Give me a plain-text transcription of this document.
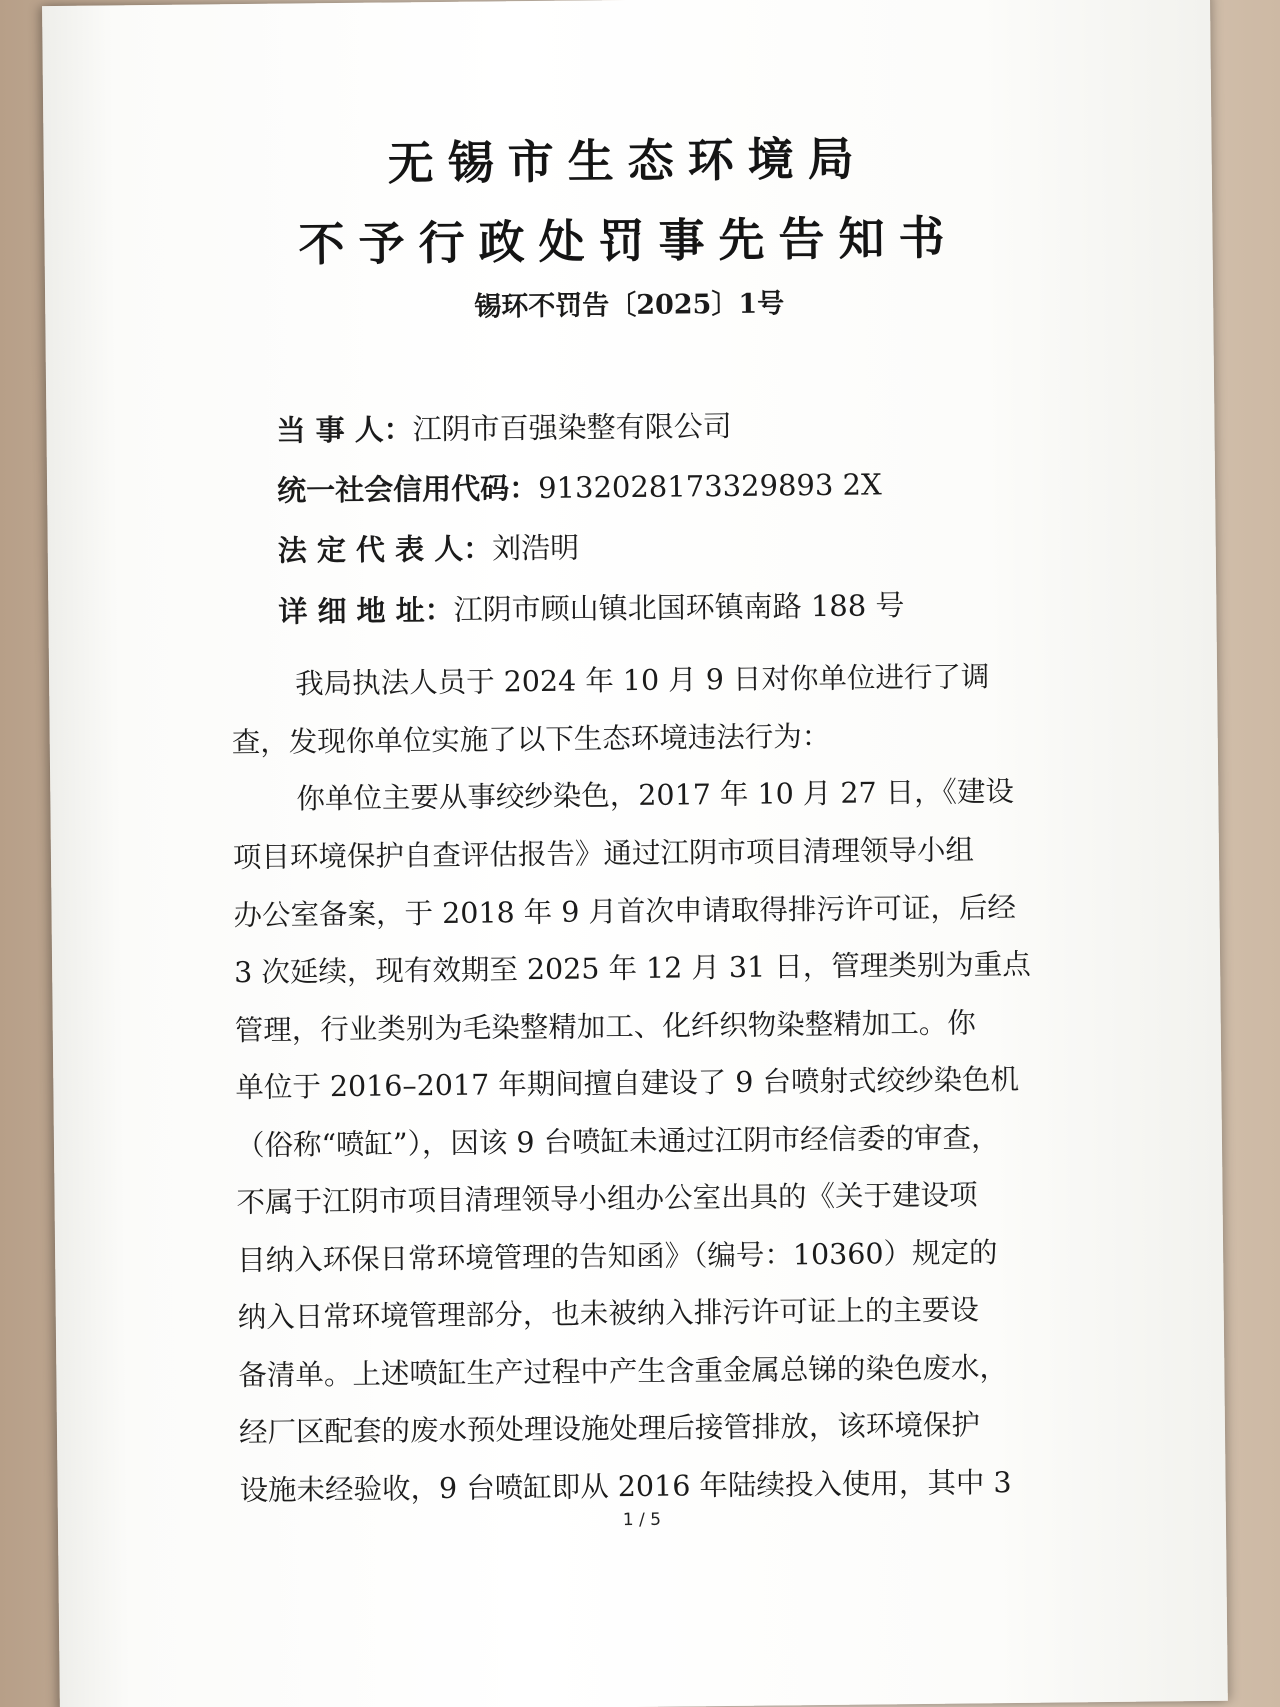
无锡市生态环境局
不予行政处罚事先告知书
锡环不罚告〔2025〕1号
当 事 人：江阴市百强染整有限公司
统一社会信用代码：9132028173329893 2X
法 定 代 表 人：刘浩明
详 细 地 址：江阴市顾山镇北国环镇南路 188 号
我局执法人员于 2024 年 10 月 9 日对你单位进行了调
查，发现你单位实施了以下生态环境违法行为：
你单位主要从事绞纱染色，2017 年 10 月 27 日，《建设
项目环境保护自查评估报告》通过江阴市项目清理领导小组
办公室备案，于 2018 年 9 月首次申请取得排污许可证，后经
3 次延续，现有效期至 2025 年 12 月 31 日，管理类别为重点
管理，行业类别为毛染整精加工、化纤织物染整精加工。你
单位于 2016–2017 年期间擅自建设了 9 台喷射式绞纱染色机
（俗称“喷缸”），因该 9 台喷缸未通过江阴市经信委的审查，
不属于江阴市项目清理领导小组办公室出具的《关于建设项
目纳入环保日常环境管理的告知函》（编号：10360）规定的
纳入日常环境管理部分，也未被纳入排污许可证上的主要设
备清单。上述喷缸生产过程中产生含重金属总锑的染色废水，
经厂区配套的废水预处理设施处理后接管排放，该环境保护
设施未经验收，9 台喷缸即从 2016 年陆续投入使用，其中 3
1 / 5
